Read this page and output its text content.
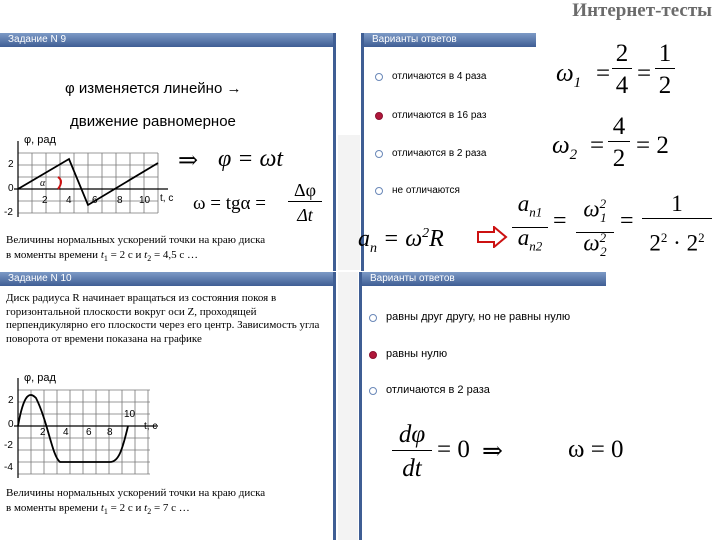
Интернет-тесты
Задание N 9	Варианты ответов
φ изменяется линейно →
движение равномерное
α
φ, рад
t, с
2
0
-2
2 4 6 8 10
⇒ φ = ωt
ω = tgα =
Δφ
Δt
Величины нормальных ускорений точки на краю диска
в моменты времени $t_1 = 2$ с и $t_2 = 4,5$ с …
отличаются в 4 раза
отличаются в 16 раз
отличаются в 2 раза
не отличаются
$\omega_1$ =
2
4 =
1
2
$\omega_2$ =
4
2 = 2
$a_n = \omega^2R$
$a_{n1}$
$a_{n2}$
= $\omega^2_1$
$\omega^2_2$
=
1
$2^2 \cdot 2^2$
Задание N 10	Варианты ответов
Диск радиуса R начинает вращаться из состояния покоя в горизонтальной плоскости вокруг оси Z, проходящей перпендикулярно его плоскости через его центр. Зависимость угла поворота от времени показана на графике
φ, рад
t, с
2
0
-2
-4
2 4 6 8
10
Величины нормальных ускорений точки на краю диска
в моменты времени $t_1 = 2$ с и $t_2 = 7$ с …
равны друг другу, но не равны нулю
равны нулю
отличаются в 2 раза
dφ
dt
= 0 ⇒	ω = 0
